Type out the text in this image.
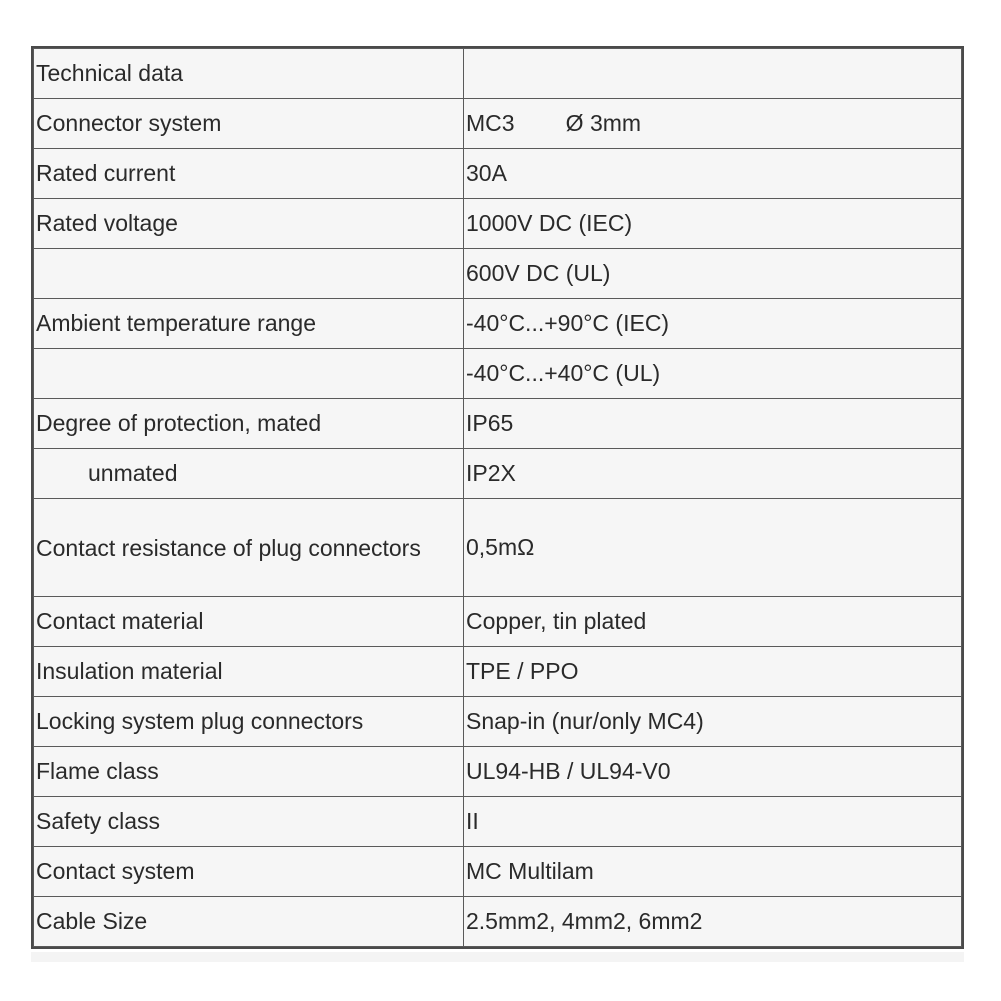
Technical data	
Connector system	MC3        Ø 3mm
Rated current	30A
Rated voltage	1000V DC (IEC)
	600V DC (UL)
Ambient temperature range	-40°C...+90°C (IEC)
	-40°C...+40°C (UL)
Degree of protection, mated	IP65
unmated	IP2X
Contact resistance of plug connectors	0,5mΩ
Contact material	Copper, tin plated
Insulation material	TPE / PPO
Locking system plug connectors	Snap-in (nur/only MC4)
Flame class	UL94-HB / UL94-V0
Safety class	II
Contact system	MC Multilam
Cable Size	2.5mm2, 4mm2, 6mm2
